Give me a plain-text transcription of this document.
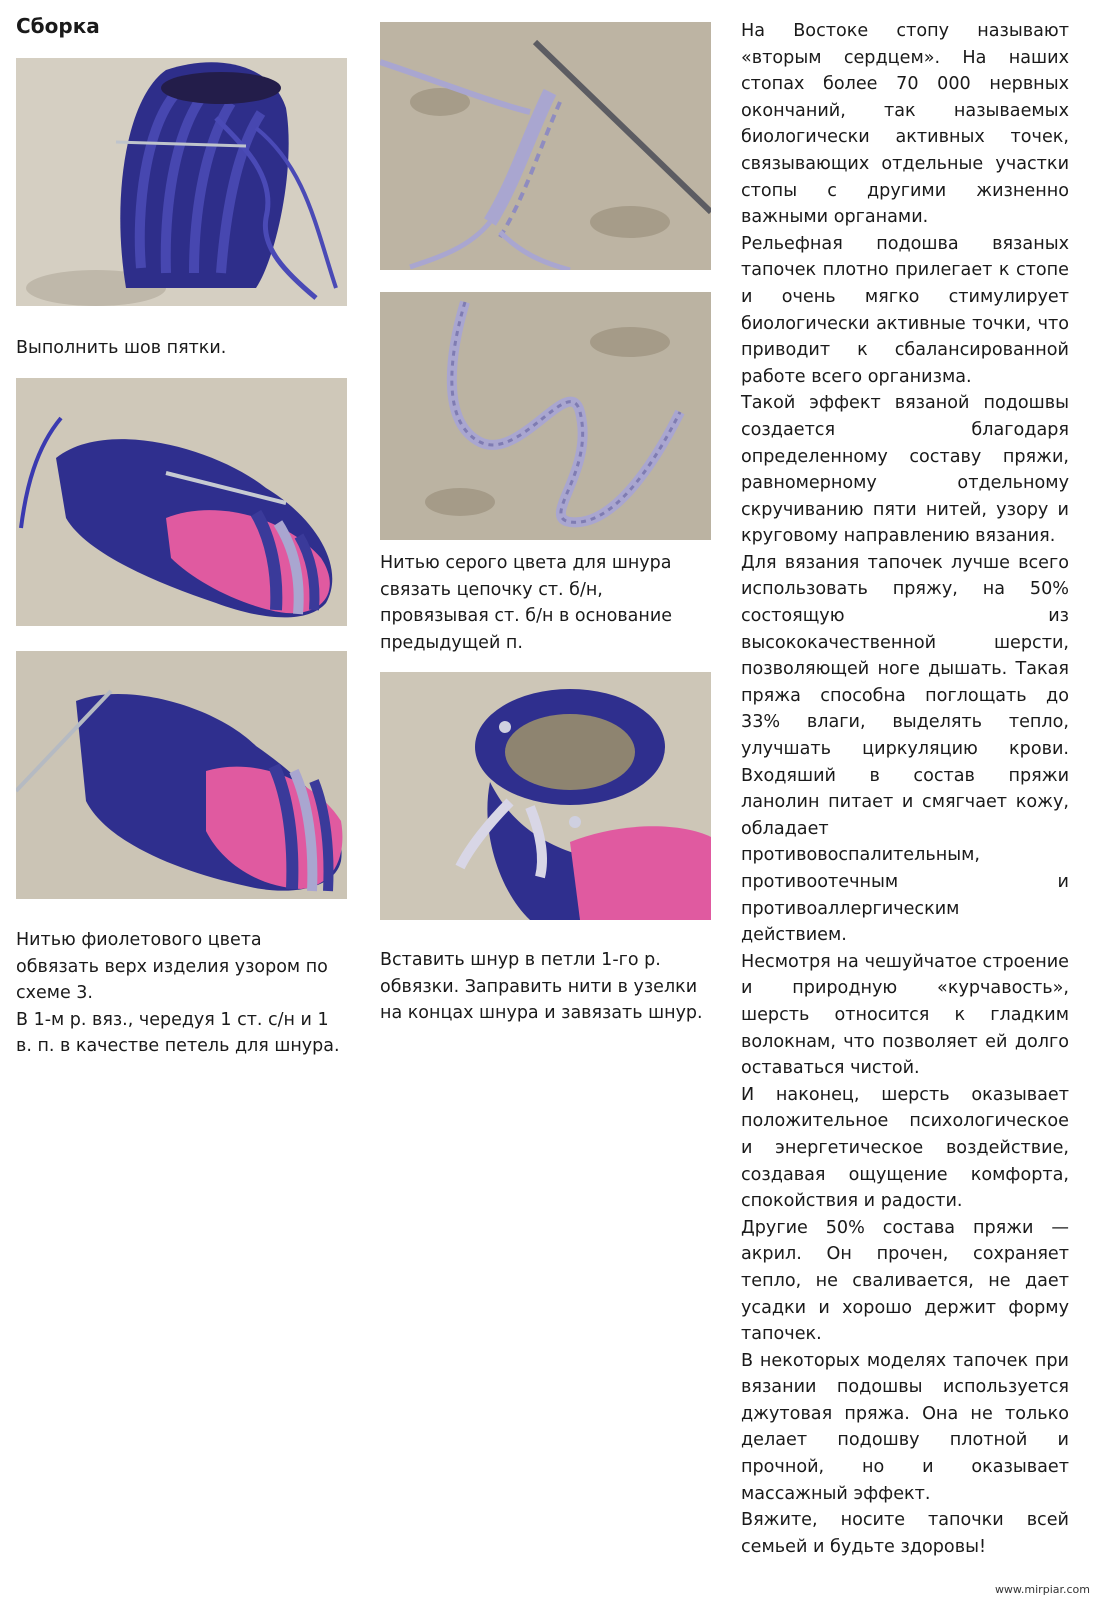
Сборка

Выполнить шов пятки.

Нитью фиолетового цвета обвязать верх изделия узором по схеме 3.

В 1-м р. вяз., чередуя 1 ст. с/н и 1 в. п. в качестве петель для шнура.

Нитью серого цвета для шнура связать цепочку ст. б/н, провязывая ст. б/н в основание предыдущей п.

Вставить шнур в петли 1-го р. обвязки. Заправить нити в узелки на концах шнура и завязать шнур.

На Востоке стопу называют «вторым сердцем». На наших стопах более 70 000 нервных окончаний, так называемых биологически активных точек, связывающих отдельные участки стопы с другими жизненно важными органами.

Рельефная подошва вязаных тапочек плотно прилегает к стопе и очень мягко стимулирует биологически активные точки, что приводит к сбалансированной работе всего организма.

Такой эффект вязаной подошвы создается благодаря определенному составу пряжи, равномерному отдельному скручиванию пяти нитей, узору и круговому направлению вязания.

Для вязания тапочек лучше всего использовать пряжу, на 50% состоящую из высококачественной шерсти, позволяющей ноге дышать. Такая пряжа способна поглощать до 33% влаги, выделять тепло, улучшать циркуляцию крови. Входяший в состав пряжи ланолин питает и смягчает кожу, обладает противовоспалительным, противоотечным и противоаллергическим действием.

Несмотря на чешуйчатое строение и природную «курчавость», шерсть относится к гладким волокнам, что позволяет ей долго оставаться чистой.

И наконец, шерсть оказывает положительное психологическое и энергетическое воздействие, создавая ощущение комфорта, спокойствия и радости.

Другие 50% состава пряжи — акрил. Он прочен, сохраняет тепло, не сваливается, не дает усадки и хорошо держит форму тапочек.

В некоторых моделях тапочек при вязании подошвы используется джутовая пряжа. Она не только делает подошву плотной и прочной, но и оказывает массажный эффект.

Вяжите, носите тапочки всей семьей и будьте здоровы!

www.mirpiar.com
